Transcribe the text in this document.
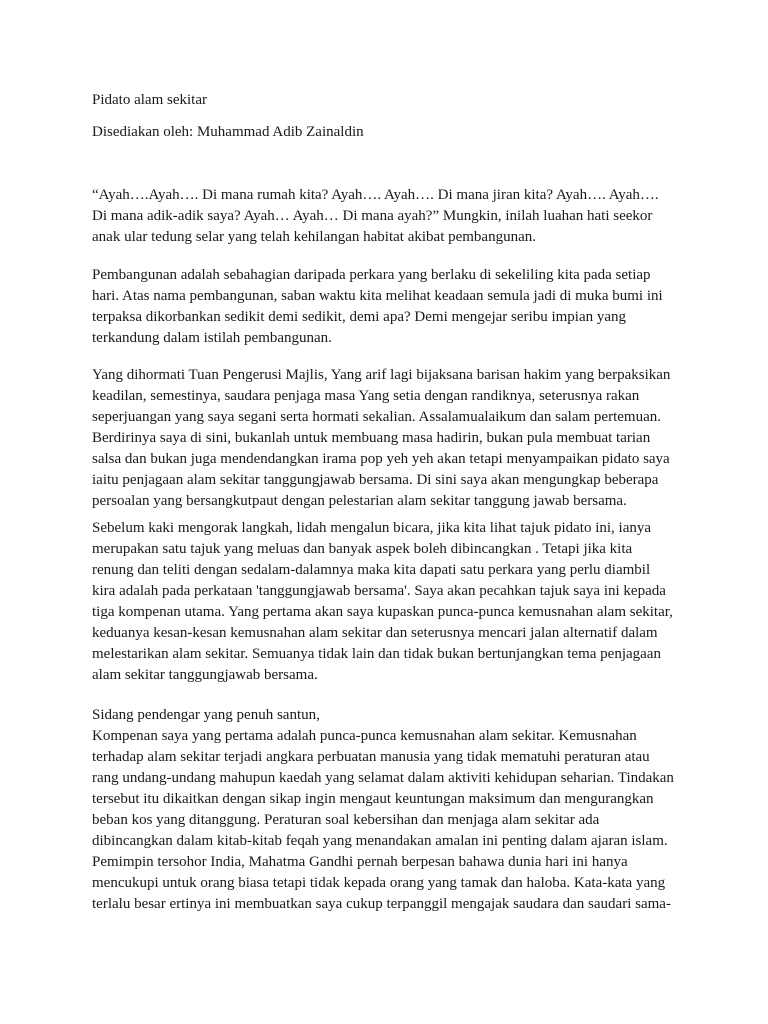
Pidato alam sekitar
Disediakan oleh: Muhammad Adib Zainaldin
“Ayah….Ayah…. Di mana rumah kita? Ayah…. Ayah…. Di mana jiran kita? Ayah…. Ayah….
Di mana adik-adik saya? Ayah… Ayah… Di mana ayah?” Mungkin, inilah luahan hati seekor
anak ular tedung selar yang telah kehilangan habitat akibat pembangunan.
Pembangunan adalah sebahagian daripada perkara yang berlaku di sekeliling kita pada setiap
hari. Atas nama pembangunan, saban waktu kita melihat keadaan semula jadi di muka bumi ini
terpaksa dikorbankan sedikit demi sedikit, demi apa? Demi mengejar seribu impian yang
terkandung dalam istilah pembangunan.
Yang dihormati Tuan Pengerusi Majlis, Yang arif lagi bijaksana barisan hakim yang berpaksikan
keadilan, semestinya, saudara penjaga masa Yang setia dengan randiknya, seterusnya rakan
seperjuangan yang saya segani serta hormati sekalian. Assalamualaikum dan salam pertemuan.
Berdirinya saya di sini, bukanlah untuk membuang masa hadirin, bukan pula membuat tarian
salsa dan bukan juga mendendangkan irama pop yeh yeh akan tetapi menyampaikan pidato saya
iaitu penjagaan alam sekitar tanggungjawab bersama. Di sini saya akan mengungkap beberapa
persoalan yang bersangkutpaut dengan pelestarian alam sekitar tanggung jawab bersama.
Sebelum kaki mengorak langkah, lidah mengalun bicara, jika kita lihat tajuk pidato ini, ianya
merupakan satu tajuk yang meluas dan banyak aspek boleh dibincangkan . Tetapi jika kita
renung dan teliti dengan sedalam-dalamnya maka kita dapati satu perkara yang perlu diambil
kira adalah pada perkataan 'tanggungjawab bersama'. Saya akan pecahkan tajuk saya ini kepada
tiga kompenan utama. Yang pertama akan saya kupaskan punca-punca kemusnahan alam sekitar,
keduanya kesan-kesan kemusnahan alam sekitar dan seterusnya mencari jalan alternatif dalam
melestarikan alam sekitar. Semuanya tidak lain dan tidak bukan bertunjangkan tema penjagaan
alam sekitar tanggungjawab bersama.
Sidang pendengar yang penuh santun,
Kompenan saya yang pertama adalah punca-punca kemusnahan alam sekitar. Kemusnahan
terhadap alam sekitar terjadi angkara perbuatan manusia yang tidak mematuhi peraturan atau
rang undang-undang mahupun kaedah yang selamat dalam aktiviti kehidupan seharian. Tindakan
tersebut itu dikaitkan dengan sikap ingin mengaut keuntungan maksimum dan mengurangkan
beban kos yang ditanggung. Peraturan soal kebersihan dan menjaga alam sekitar ada
dibincangkan dalam kitab-kitab feqah yang menandakan amalan ini penting dalam ajaran islam.
Pemimpin tersohor India, Mahatma Gandhi pernah berpesan bahawa dunia hari ini hanya
mencukupi untuk orang biasa tetapi tidak kepada orang yang tamak dan haloba. Kata-kata yang
terlalu besar ertinya ini membuatkan saya cukup terpanggil mengajak saudara dan saudari sama-
